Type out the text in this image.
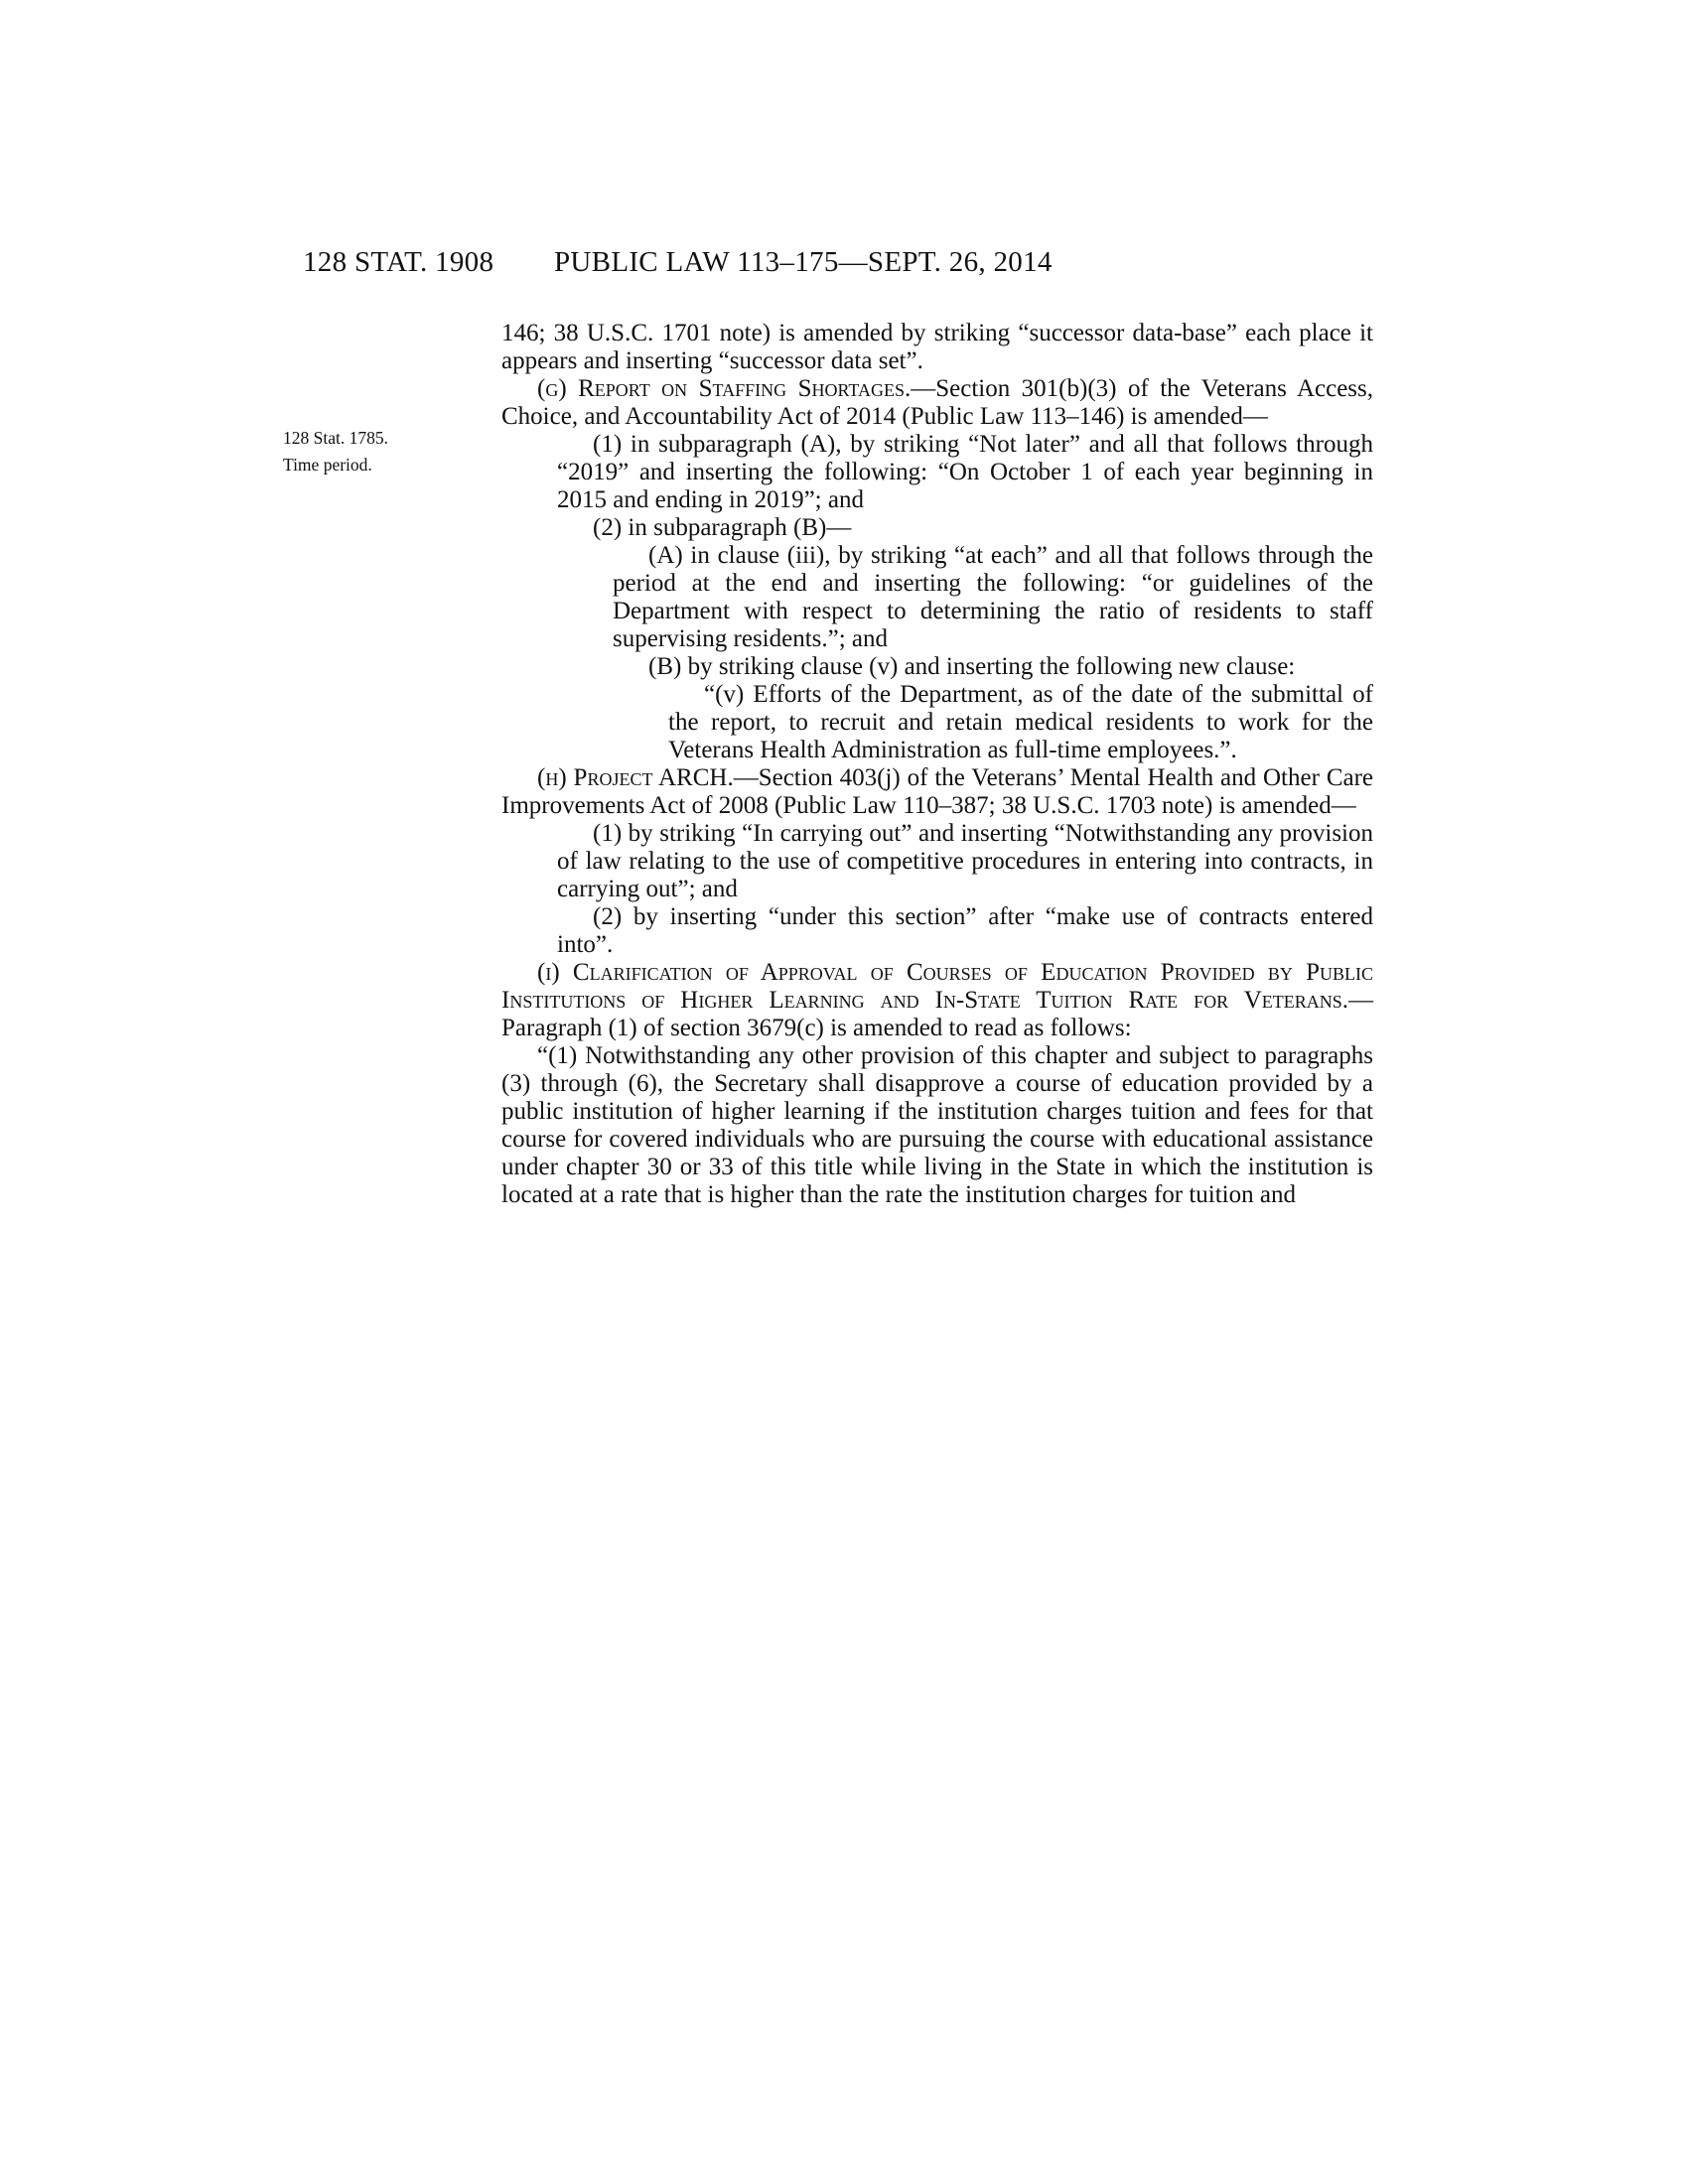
128 STAT. 1908 PUBLIC LAW 113–175—SEPT. 26, 2014
128 Stat. 1785.
Time period.

146; 38 U.S.C. 1701 note) is amended by striking “successor data-base” each place it appears and inserting “successor data set”.

(g) Report on Staffing Shortages.—Section 301(b)(3) of the Veterans Access, Choice, and Accountability Act of 2014 (Public Law 113–146) is amended—

(1) in subparagraph (A), by striking “Not later” and all that follows through “2019” and inserting the following: “On October 1 of each year beginning in 2015 and ending in 2019”; and

(2) in subparagraph (B)—

(A) in clause (iii), by striking “at each” and all that follows through the period at the end and inserting the following: “or guidelines of the Department with respect to determining the ratio of residents to staff supervising residents.”; and

(B) by striking clause (v) and inserting the following new clause:

“(v) Efforts of the Department, as of the date of the submittal of the report, to recruit and retain medical residents to work for the Veterans Health Administration as full-time employees.”.

(h) Project ARCH.—Section 403(j) of the Veterans’ Mental Health and Other Care Improvements Act of 2008 (Public Law 110–387; 38 U.S.C. 1703 note) is amended—

(1) by striking “In carrying out” and inserting “Notwithstanding any provision of law relating to the use of competitive procedures in entering into contracts, in carrying out”; and

(2) by inserting “under this section” after “make use of contracts entered into”.

(i) Clarification of Approval of Courses of Education Provided by Public Institutions of Higher Learning and In-State Tuition Rate for Veterans.—Paragraph (1) of section 3679(c) is amended to read as follows:

“(1) Notwithstanding any other provision of this chapter and subject to paragraphs (3) through (6), the Secretary shall disapprove a course of education provided by a public institution of higher learning if the institution charges tuition and fees for that course for covered individuals who are pursuing the course with educational assistance under chapter 30 or 33 of this title while living in the State in which the institution is located at a rate that is higher than the rate the institution charges for tuition and
